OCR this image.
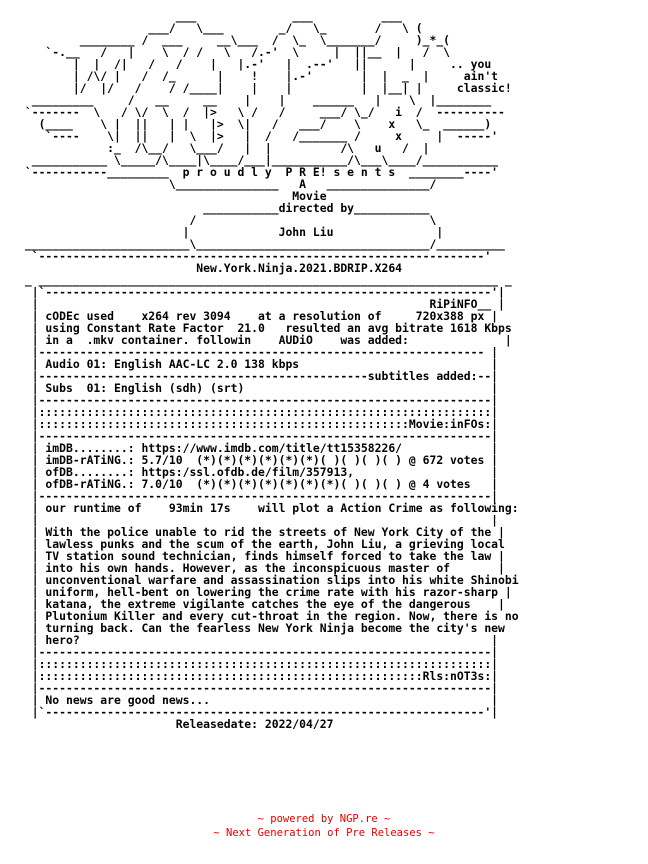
___              ___          ___
___/   \___        _/   \_       /   \ (
________ /  ___     __\___  /  \_  \_______/     )_*_(
`-.__   /   |    \  / /   \   /.-'  \     |  ||__  |   /  \
|  |  /|   /   /    |   |.-'   |  .--'   ||      |     .. you
| /\/ |   /  /_      |    !    |.-'       |  |  _  |     ain't
|/  |/   /    / /____|    |    |          |  |__| |     classic!
_________     /   __     __    |    |    ______   |    \  |________
`-------  \   / \/  \  /  |>   \ /   /     ___/ \_/   i  /  ----------
(____    \ |  ||   | |   |>  \|   /   ___/    \    x   \_  ______)
`----    \|  ||   |  \  |>   |  /   /_______ /     x     |  -----'
:_  /\__/   \___/   |  |          /\   u   /  |
___________ \_____/\____|\____/___|___________/\___\____/___________
`-----------_________  p r o u d l y  P R E! s e n t s  ________----'
\_______________   A   _______________/
Movie
___________directed by___________
/                                  \
|             John Liu               |
________________________\__________________________________/__________
`-----------------------------------------------------------------'
New.York.Ninja.2021.BDRIP.X264
_ ___________________________________________________________________ _
|`-----------------------------------------------------------------'|
|                                                         RiPiNFO__ |
| cODEc used    x264 rev 3094    at a resolution of     720x388 px |
| using Constant Rate Factor  21.0   resulted an avg bitrate 1618 Kbps
| in a  .mkv container. followin    AUDiO    was added:              |
|----------------------------------------------------------------- |
| Audio 01: English AAC-LC 2.0 138 kbps                            |
|------------------------------------------------subtitles added:--|
| Subs  01: English (sdh) (srt)                                    |
|------------------------------------------------------------------|
|::::::::::::::::::::::::::::::::::::::::::::::::::::::::::::::::::|
|::::::::::::::::::::::::::::::::::::::::::::::::::::::Movie:inFOs:|
|------------------------------------------------------------------|
| imDB........: https://www.imdb.com/title/tt15358226/             |
| imDB-rATiNG.: 5.7/10  (*)(*)(*)(*)(*)(*)( )( )( )( ) @ 672 votes |
| ofDB........: https:/ssl.ofdb.de/film/357913,                    |
| ofDB-rATiNG.: 7.0/10  (*)(*)(*)(*)(*)(*)(*)( )( )( ) @ 4 votes   |
|------------------------------------------------------------------|
| our runtime of    93min 17s    will plot a Action Crime as following:
|                                                                  |
| With the police unable to rid the streets of New York City of the |
| lawless punks and the scum of the earth, John Liu, a grieving local
| TV station sound technician, finds himself forced to take the law |
| into his own hands. However, as the inconspicuous master of       |
| unconventional warfare and assassination slips into his white Shinobi
| uniform, hell-bent on lowering the crime rate with his razor-sharp |
| katana, the extreme vigilante catches the eye of the dangerous    |
| Plutonium Killer and every cut-throat in the region. Now, there is no
| turning back. Can the fearless New York Ninja become the city's new
| hero?                                                            |
|------------------------------------------------------------------|
|::::::::::::::::::::::::::::::::::::::::::::::::::::::::::::::::::|
|::::::::::::::::::::::::::::::::::::::::::::::::::::::::Rls:nOT3s:|
|------------------------------------------------------------------|
| No news are good news...                                         |
|`----------------------------------------------------------------'|
Releasedate: 2022/04/27
~ powered by NGP.re ~
~ Next Generation of Pre Releases ~
